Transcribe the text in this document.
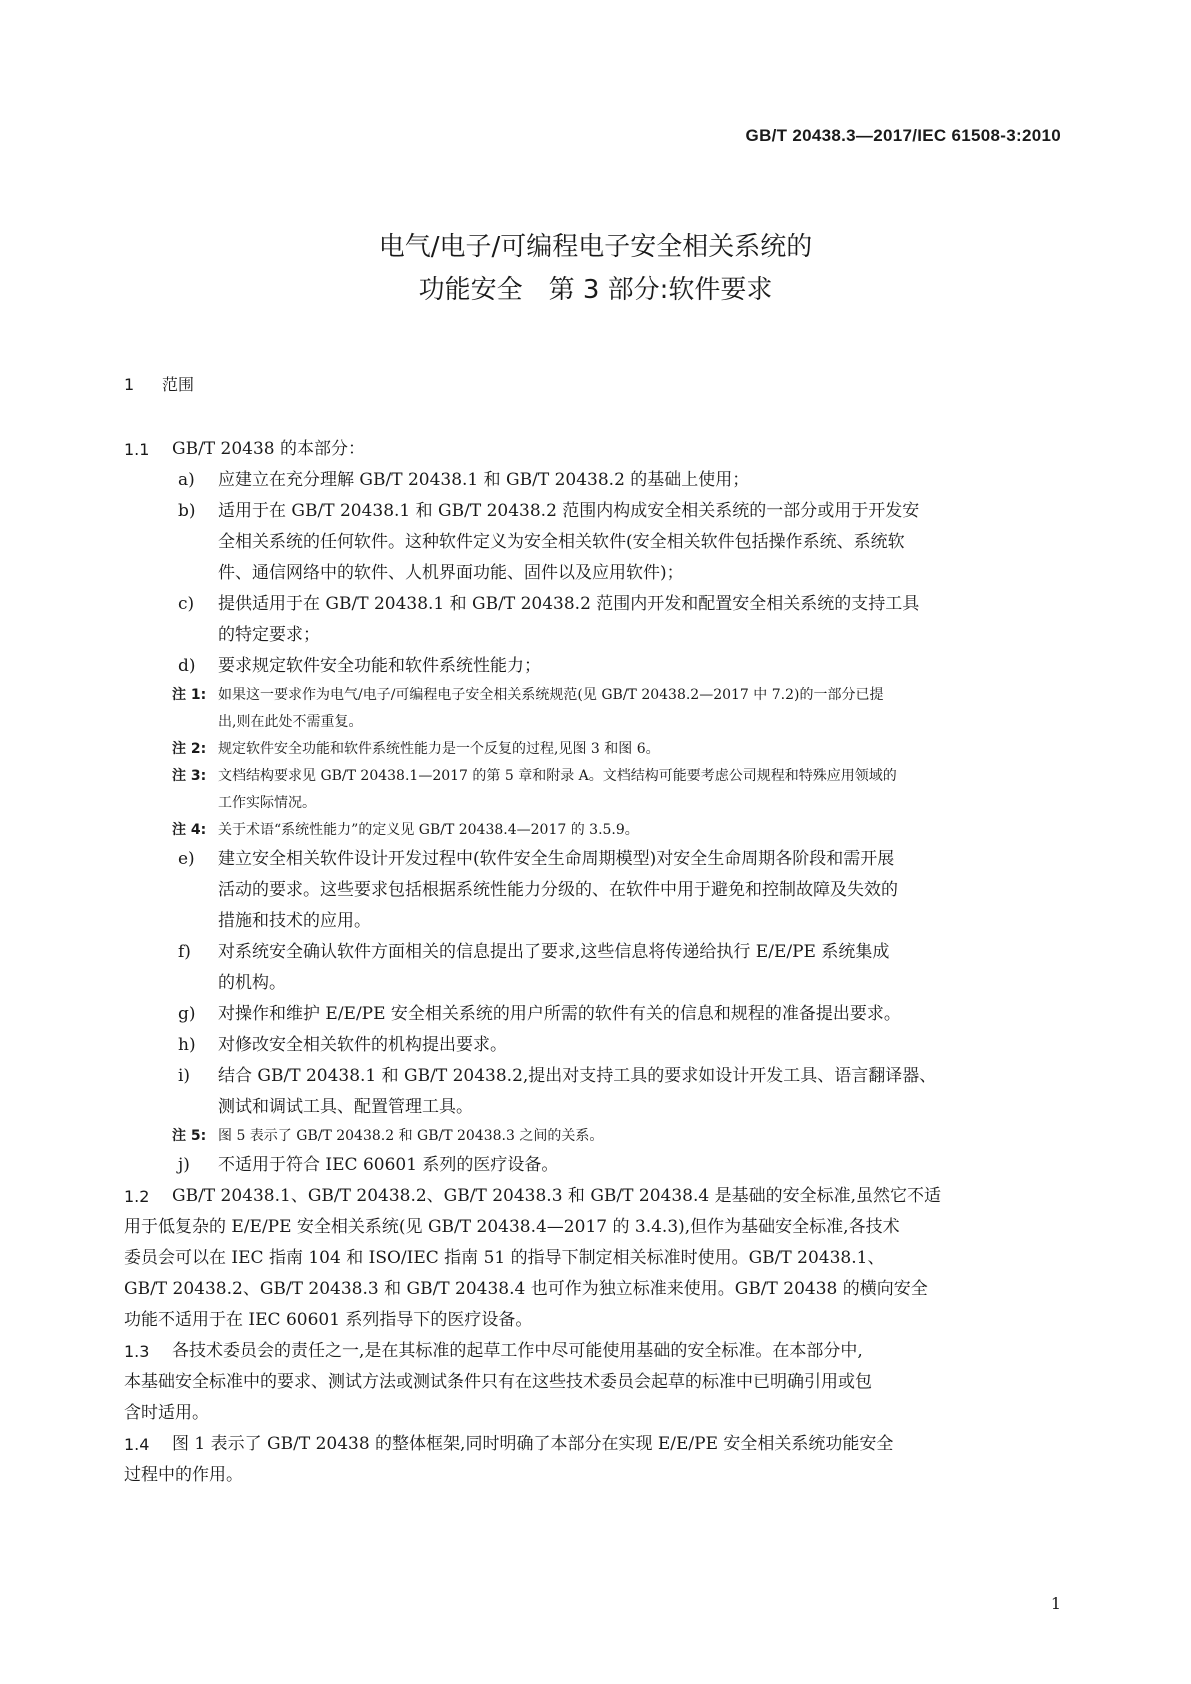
GB/T 20438.3—2017/IEC 61508-3:2010
电气/电子/可编程电子安全相关系统的
功能安全　第 3 部分:软件要求
1 范围
1.1 GB/T 20438 的本部分：
a) 应建立在充分理解 GB/T 20438.1 和 GB/T 20438.2 的基础上使用；
b) 适用于在 GB/T 20438.1 和 GB/T 20438.2 范围内构成安全相关系统的一部分或用于开发安
全相关系统的任何软件。这种软件定义为安全相关软件(安全相关软件包括操作系统、系统软
件、通信网络中的软件、人机界面功能、固件以及应用软件)；
c) 提供适用于在 GB/T 20438.1 和 GB/T 20438.2 范围内开发和配置安全相关系统的支持工具
的特定要求；
d) 要求规定软件安全功能和软件系统性能力；
注 1: 如果这一要求作为电气/电子/可编程电子安全相关系统规范(见 GB/T 20438.2—2017 中 7.2)的一部分已提
出,则在此处不需重复。
注 2: 规定软件安全功能和软件系统性能力是一个反复的过程,见图 3 和图 6。
注 3: 文档结构要求见 GB/T 20438.1—2017 的第 5 章和附录 A。文档结构可能要考虑公司规程和特殊应用领域的
工作实际情况。
注 4: 关于术语“系统性能力”的定义见 GB/T 20438.4—2017 的 3.5.9。
e) 建立安全相关软件设计开发过程中(软件安全生命周期模型)对安全生命周期各阶段和需开展
活动的要求。这些要求包括根据系统性能力分级的、在软件中用于避免和控制故障及失效的
措施和技术的应用。
f) 对系统安全确认软件方面相关的信息提出了要求,这些信息将传递给执行 E/E/PE 系统集成
的机构。
g) 对操作和维护 E/E/PE 安全相关系统的用户所需的软件有关的信息和规程的准备提出要求。
h) 对修改安全相关软件的机构提出要求。
i) 结合 GB/T 20438.1 和 GB/T 20438.2,提出对支持工具的要求如设计开发工具、语言翻译器、
测试和调试工具、配置管理工具。
注 5: 图 5 表示了 GB/T 20438.2 和 GB/T 20438.3 之间的关系。
j) 不适用于符合 IEC 60601 系列的医疗设备。
1.2 GB/T 20438.1、GB/T 20438.2、GB/T 20438.3 和 GB/T 20438.4 是基础的安全标准,虽然它不适
用于低复杂的 E/E/PE 安全相关系统(见 GB/T 20438.4—2017 的 3.4.3),但作为基础安全标准,各技术
委员会可以在 IEC 指南 104 和 ISO/IEC 指南 51 的指导下制定相关标准时使用。GB/T 20438.1、
GB/T 20438.2、GB/T 20438.3 和 GB/T 20438.4 也可作为独立标准来使用。GB/T 20438 的横向安全
功能不适用于在 IEC 60601 系列指导下的医疗设备。
1.3 各技术委员会的责任之一,是在其标准的起草工作中尽可能使用基础的安全标准。在本部分中,
本基础安全标准中的要求、测试方法或测试条件只有在这些技术委员会起草的标准中已明确引用或包
含时适用。
1.4 图 1 表示了 GB/T 20438 的整体框架,同时明确了本部分在实现 E/E/PE 安全相关系统功能安全
过程中的作用。
1
